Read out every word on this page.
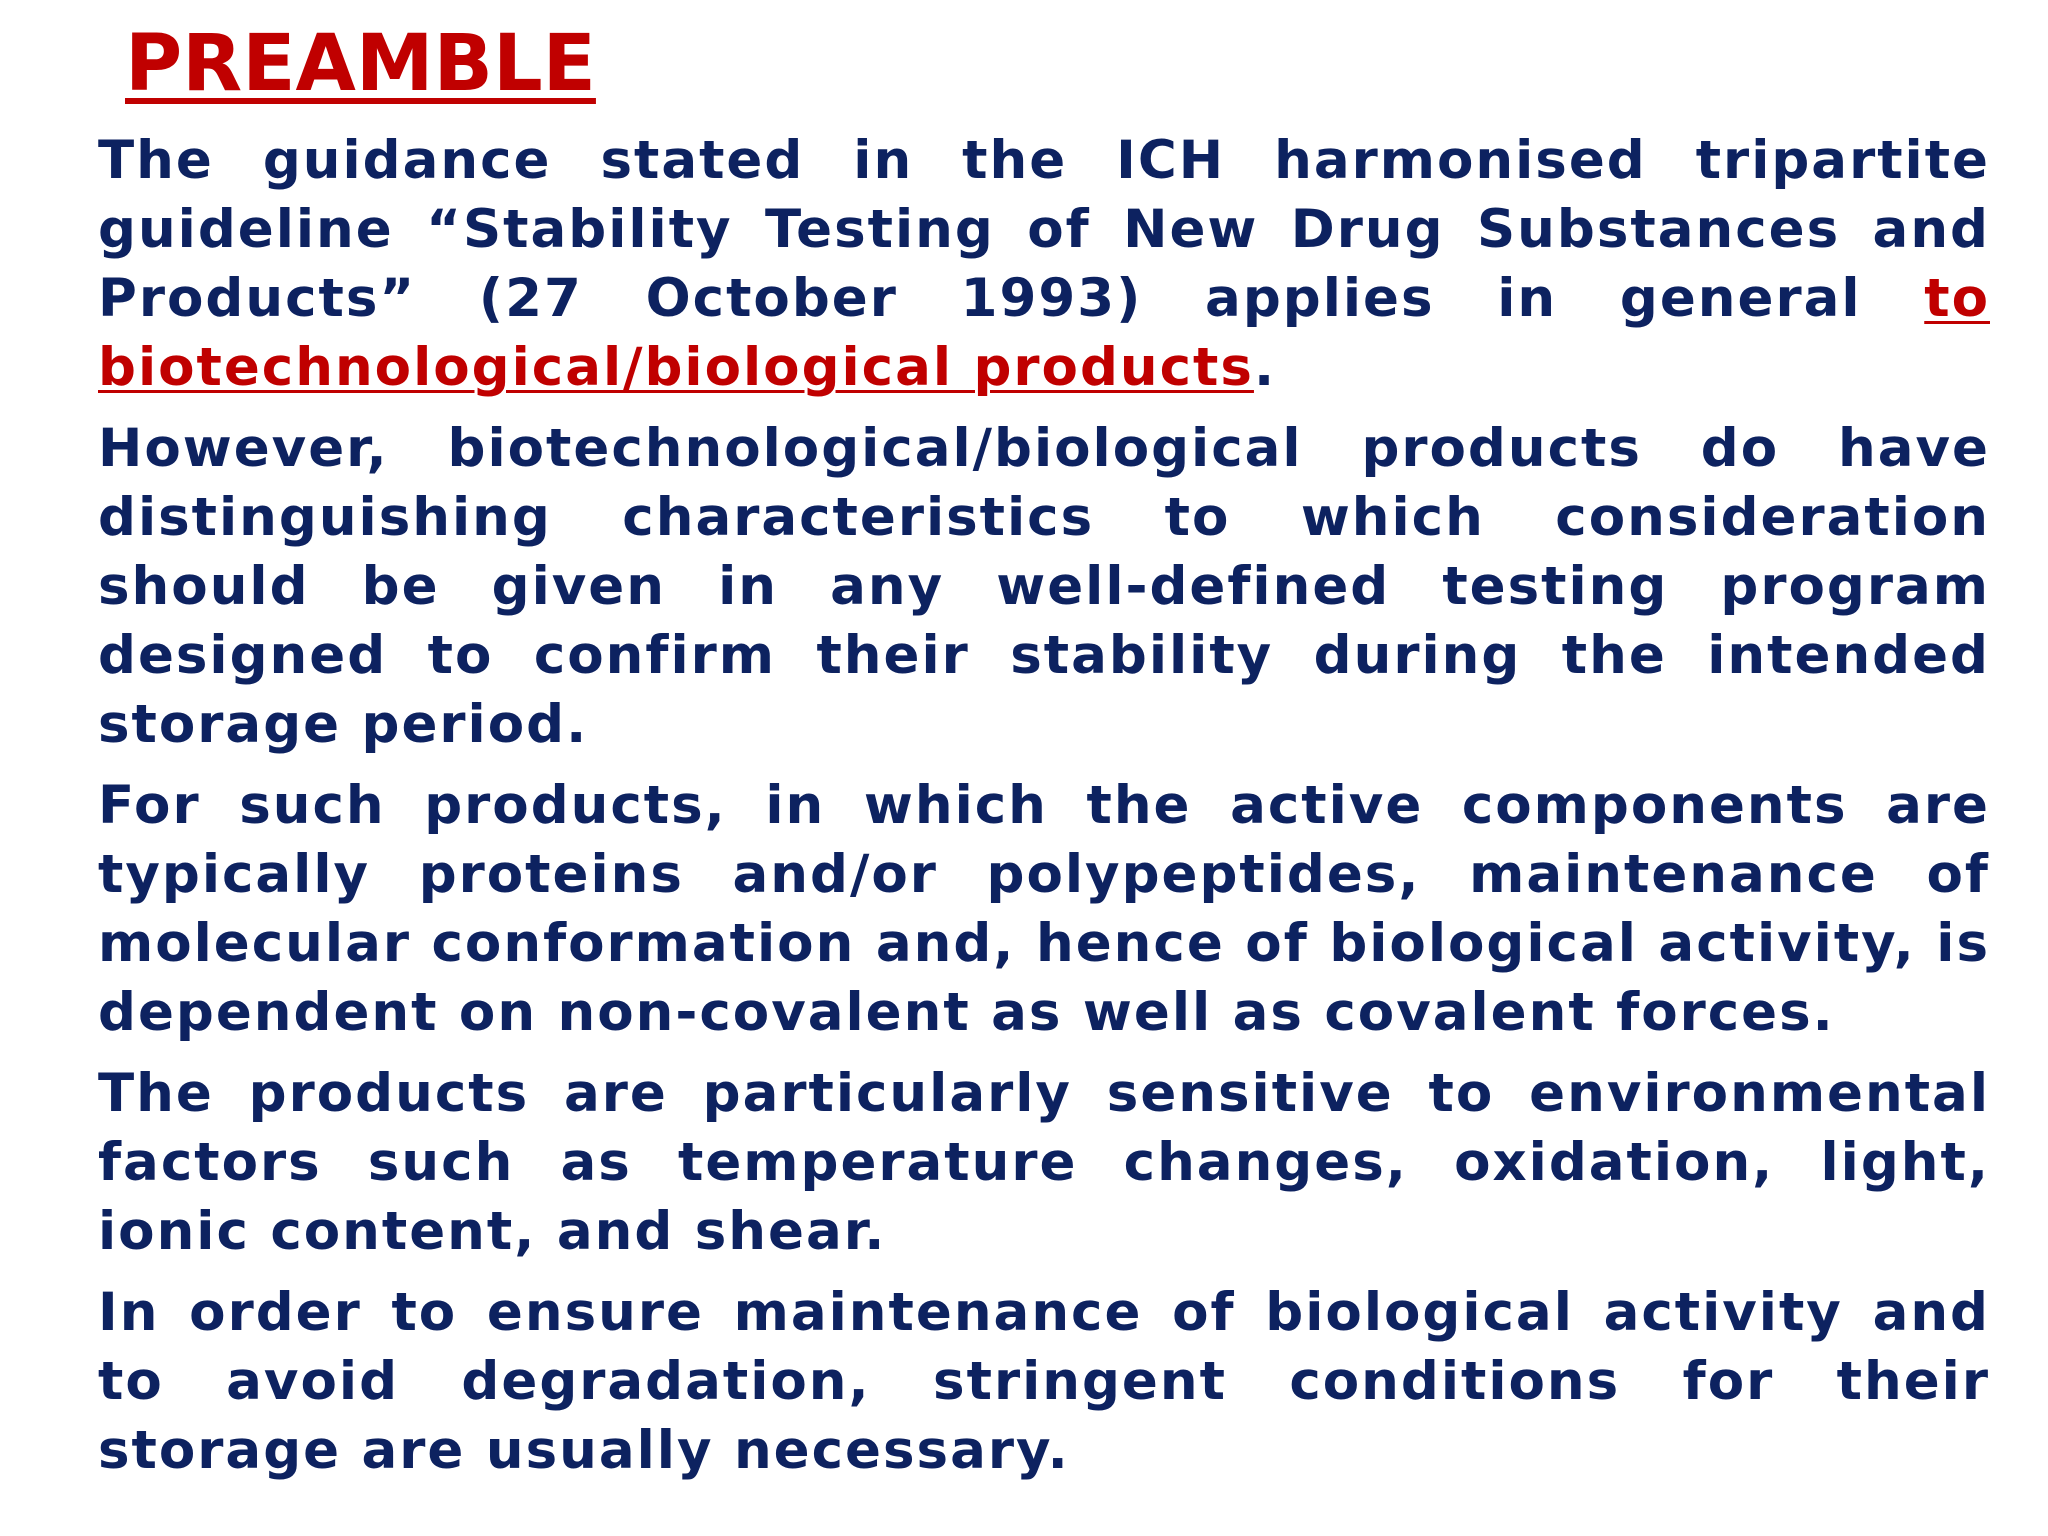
PREAMBLE

The guidance stated in the ICH harmonised tripartite guideline “Stability Testing of New Drug Substances and Products” (27 October 1993) applies in general to biotechnological/biological products.

However, biotechnological/biological products do have distinguishing characteristics to which consideration should be given in any well-defined testing program designed to confirm their stability during the intended storage period.

For such products, in which the active components are typically proteins and/or polypeptides, maintenance of molecular conformation and, hence of biological activity, is dependent on non-covalent as well as covalent forces.

The products are particularly sensitive to environmental factors such as temperature changes, oxidation, light, ionic content, and shear.

In order to ensure maintenance of biological activity and to avoid degradation, stringent conditions for their storage are usually necessary.
